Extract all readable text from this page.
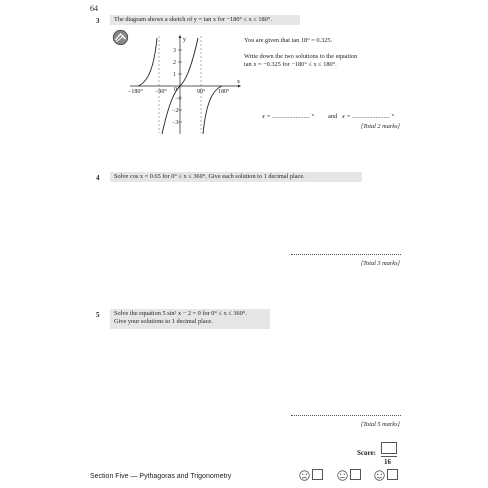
64
3	The diagram shows a sketch of y = tan x for −180° ≤ x ≤ 180°.
y
x
3
2
1
−1
−2
−3
0
−180° −90°	90° 180°
You are given that tan 18° = 0.325.
Write down the two solutions to the equation
tan x = −0.325 for −180° ≤ x ≤ 180°.
x = ........................ ° and x = ........................ °
[Total 2 marks]
4	Solve cos x = 0.65 for 0° ≤ x ≤ 360°. Give each solution to 1 decimal place.
[Total 3 marks]
5 Solve the equation 5 sin² x − 2 = 0 for 0° ≤ x ≤ 360°.
Give your solutions to 1 decimal place.
[Total 5 marks]
Score:
16
Section Five — Pythagoras and Trigonometry
